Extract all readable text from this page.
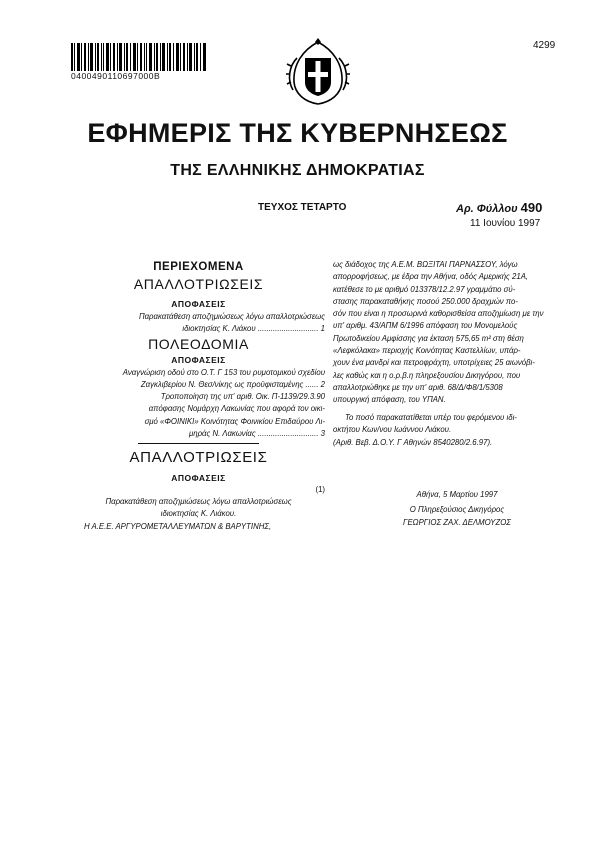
0400490110697000В
4299
ΕΦΗΜΕΡΙΣ ΤΗΣ ΚΥΒΕΡΝΗΣΕΩΣ
ΤΗΣ ΕΛΛΗΝΙΚΗΣ ΔΗΜΟΚΡΑΤΙΑΣ
ΤΕΥΧΟΣ ΤΕΤΑΡΤΟ	Αρ. Φύλλου 490
11 Ιουνίου 1997
ΠΕΡΙΕΧΟΜΕΝΑ
ΑΠΑΛΛΟΤΡΙΩΣΕΙΣ
ΑΠΟΦΑΣΕΙΣ
Παρακατάθεση αποζημιώσεως λόγω απαλλοτριώσεως
ιδιοκτησίας Κ. Λιάκου ............................ 1
ΠΟΛΕΟΔΟΜΙΑ
ΑΠΟΦΑΣΕΙΣ
Αναγνώριση οδού στο Ο.Τ. Γ 153 του ρυμοτομικού σχεδίου
Ζαγκλιβερίου Ν. Θεσ/νίκης ως προϋφισταμένης ...... 2
Τροποποίηση της υπ' αριθ. Οικ. Π-1139/29.3.90
απόφασης Νομάρχη Λακωνίας που αφορά τον οικι-
σμό «ΦΟΙΝΙΚΙ» Κοινότητας Φοινικίου Επιδαύρου Λι-
μηράς Ν. Λακωνίας ............................ 3
ΑΠΑΛΛΟΤΡΙΩΣΕΙΣ
ΑΠΟΦΑΣΕΙΣ
(1)
Παρακατάθεση αποζημιώσεως λόγω απαλλοτριώσεως
ιδιοκτησίας Κ. Λιάκου.

Η Α.Ε.Ε. ΑΡΓΥΡΟΜΕΤΑΛΛΕΥΜΑΤΩΝ & ΒΑΡΥΤΙΝΗΣ,

ως διάδοχος της Α.Ε.Μ. ΒΩΞΙΤΑΙ ΠΑΡΝΑΣΣΟΥ, λόγω
απορροφήσεως, με έδρα την Αθήνα, οδός Αμερικής 21Α,
κατέθεσε το με αριθμό 013378/12.2.97 γραμμάτιο σύ-
στασης παρακαταθήκης ποσού 250.000 δραχμών πο-
σόν που είναι η προσωρινά καθορισθείσα αποζημίωση με την
υπ' αριθμ. 43/ΑΠΜ 6/1996 απόφαση του Μονομελούς
Πρωτοδικείου Αμφίσσης για έκταση 575,65 m² στη θέση
«Λεφκόλακα» περιοχής Κοινότητας Καστελλίων, υπάρ-
χουν ένα μανδρί και πετροφράχτη, υποτρίχειες 25 αιωνόβι-
λες καθώς και η ο.ρ.β.η πληρεξουσίου Δικηγόρου, που
απαλλοτριώθηκε με την υπ' αριθ. 68/Δ/Φ8/1/5308
υπουργική απόφαση, του ΥΠΑΝ.
Το ποσό παρακατατίθεται υπέρ του φερόμενου ιδι-
οκτήτου Κων/νου Ιωάννου Λιάκου.
(Αριθ. Βεβ. Δ.Ο.Υ. Γ Αθηνών 8540280/2.6.97).
Αθήνα, 5 Μαρτίου 1997
Ο Πληρεξούσιος Δικηγόρος
ΓΕΩΡΓΙΟΣ ΖΑΧ. ΔΕΛΜΟΥΖΟΣ
